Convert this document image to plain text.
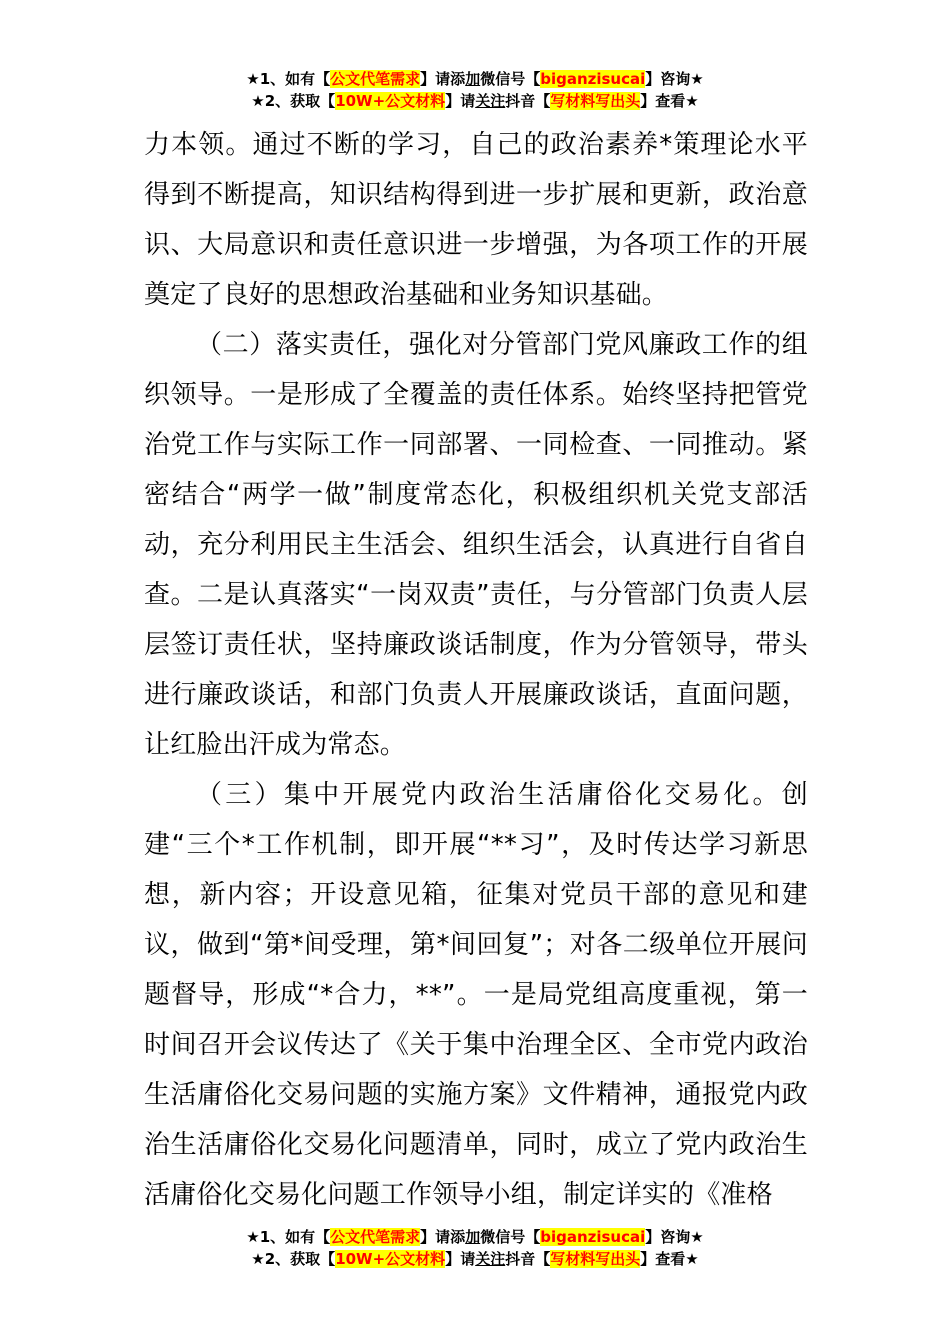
★1、如有【公文代笔需求】请添加微信号【biganzisucai】咨询★
★2、获取【10W+公文材料】请关注抖音【写材料写出头】查看★

力本领。通过不断的学习，自己的政治素养*策理论水平得到不断提高，知识结构得到进一步扩展和更新，政治意识、大局意识和责任意识进一步增强，为各项工作的开展奠定了良好的思想政治基础和业务知识基础。

（二）落实责任，强化对分管部门党风廉政工作的组织领导。一是形成了全覆盖的责任体系。始终坚持把管党治党工作与实际工作一同部署、一同检查、一同推动。紧密结合“两学一做”制度常态化，积极组织机关党支部活动，充分利用民主生活会、组织生活会，认真进行自省自查。二是认真落实“一岗双责”责任，与分管部门负责人层层签订责任状，坚持廉政谈话制度，作为分管领导，带头进行廉政谈话，和部门负责人开展廉政谈话，直面问题，让红脸出汗成为常态。

（三）集中开展党内政治生活庸俗化交易化。创建“三个*工作机制，即开展“**习”，及时传达学习新思想，新内容；开设意见箱，征集对党员干部的意见和建议，做到“第*间受理，第*间回复”；对各二级单位开展问题督导，形成“*合力，**”。一是局党组高度重视，第一时间召开会议传达了《关于集中治理全区、全市党内政治生活庸俗化交易问题的实施方案》文件精神，通报党内政治生活庸俗化交易化问题清单，同时，成立了党内政治生活庸俗化交易化问题工作领导小组，制定详实的《准格

★1、如有【公文代笔需求】请添加微信号【biganzisucai】咨询★
★2、获取【10W+公文材料】请关注抖音【写材料写出头】查看★
